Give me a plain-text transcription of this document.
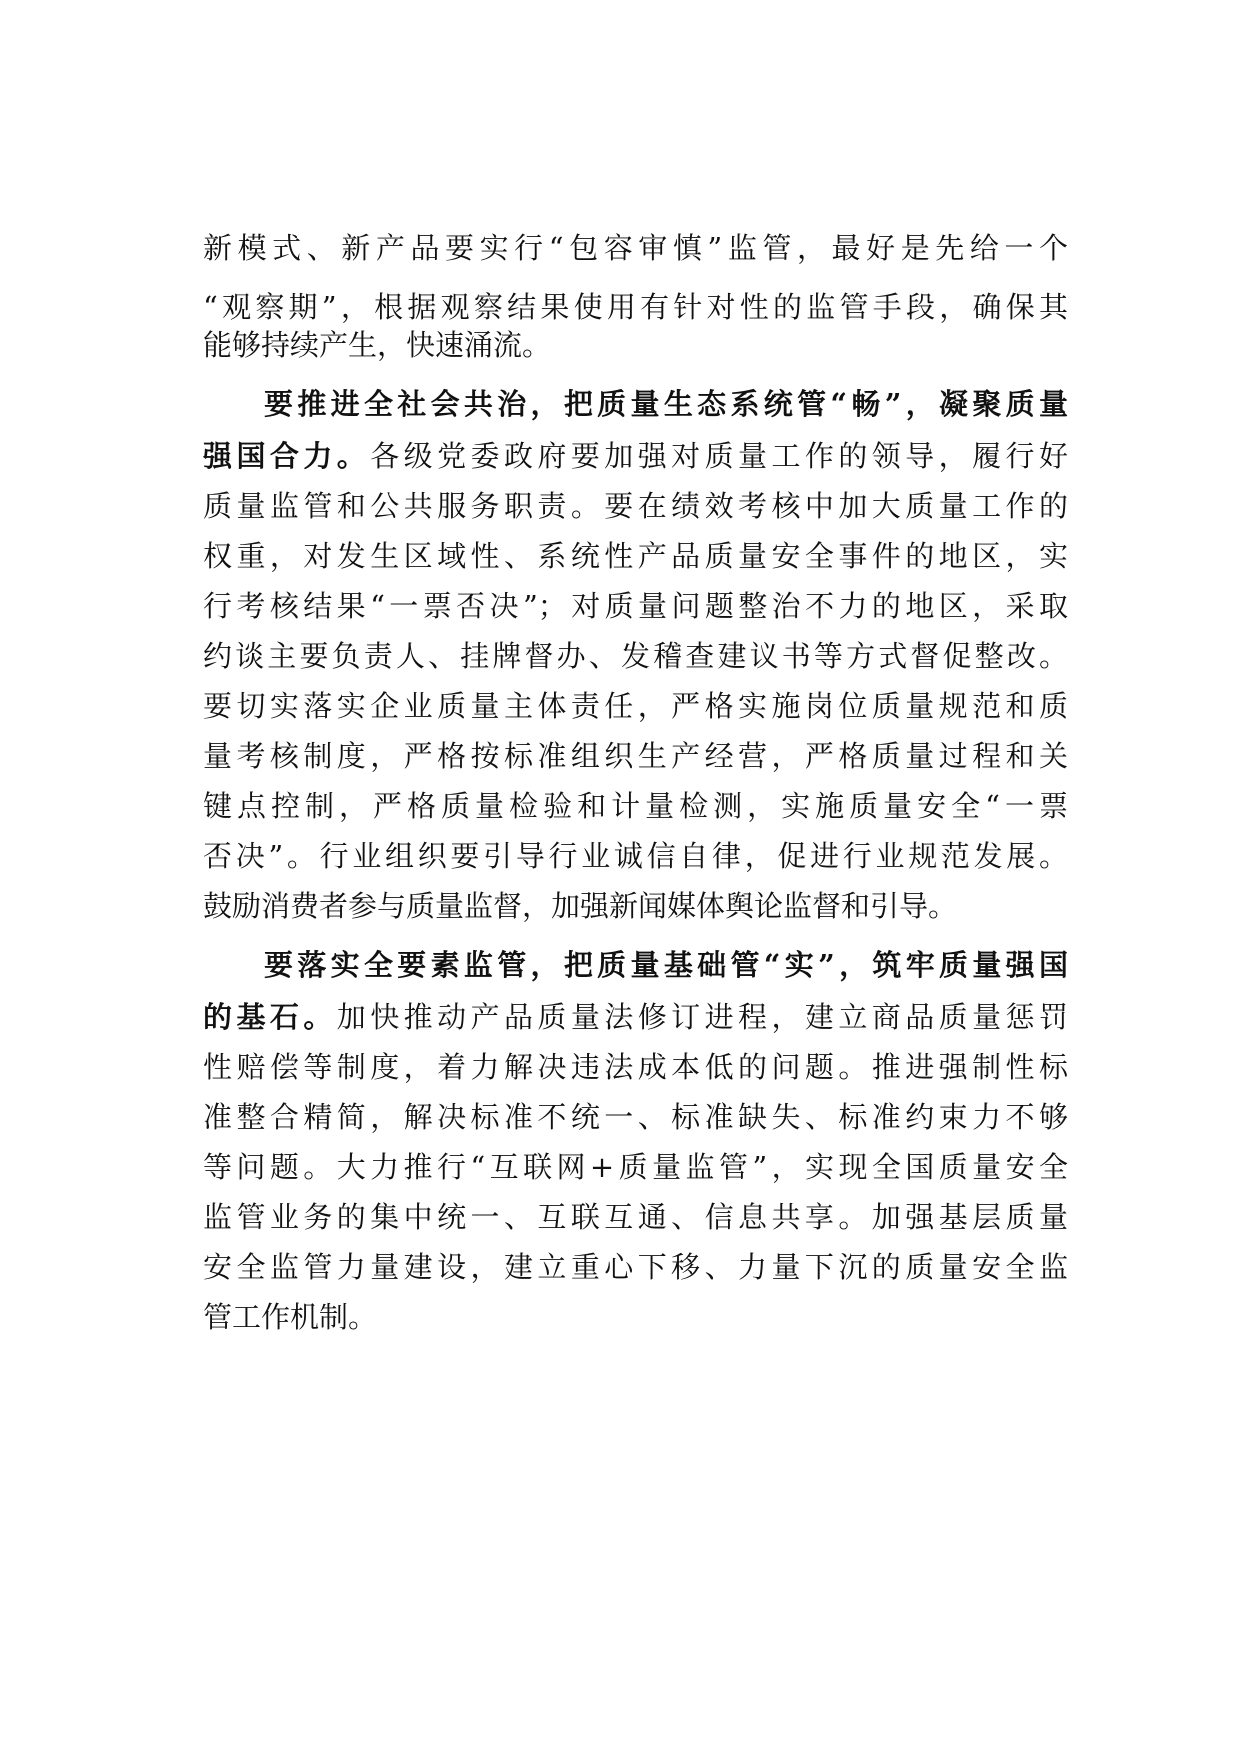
新模式、新产品要实行“包容审慎”监管，最好是先给一个
“观察期”，根据观察结果使用有针对性的监管手段，确保其
能够持续产生，快速涌流。
要推进全社会共治，把质量生态系统管“畅”，凝聚质量
强国合力。各级党委政府要加强对质量工作的领导，履行好
质量监管和公共服务职责。要在绩效考核中加大质量工作的
权重，对发生区域性、系统性产品质量安全事件的地区，实
行考核结果“一票否决”；对质量问题整治不力的地区，采取
约谈主要负责人、挂牌督办、发稽查建议书等方式督促整改。
要切实落实企业质量主体责任，严格实施岗位质量规范和质
量考核制度，严格按标准组织生产经营，严格质量过程和关
键点控制，严格质量检验和计量检测，实施质量安全“一票
否决”。行业组织要引导行业诚信自律，促进行业规范发展。
鼓励消费者参与质量监督，加强新闻媒体舆论监督和引导。
要落实全要素监管，把质量基础管“实”，筑牢质量强国
的基石。加快推动产品质量法修订进程，建立商品质量惩罚
性赔偿等制度，着力解决违法成本低的问题。推进强制性标
准整合精简，解决标准不统一、标准缺失、标准约束力不够
等问题。大力推行“互联网+质量监管”，实现全国质量安全
监管业务的集中统一、互联互通、信息共享。加强基层质量
安全监管力量建设，建立重心下移、力量下沉的质量安全监
管工作机制。
